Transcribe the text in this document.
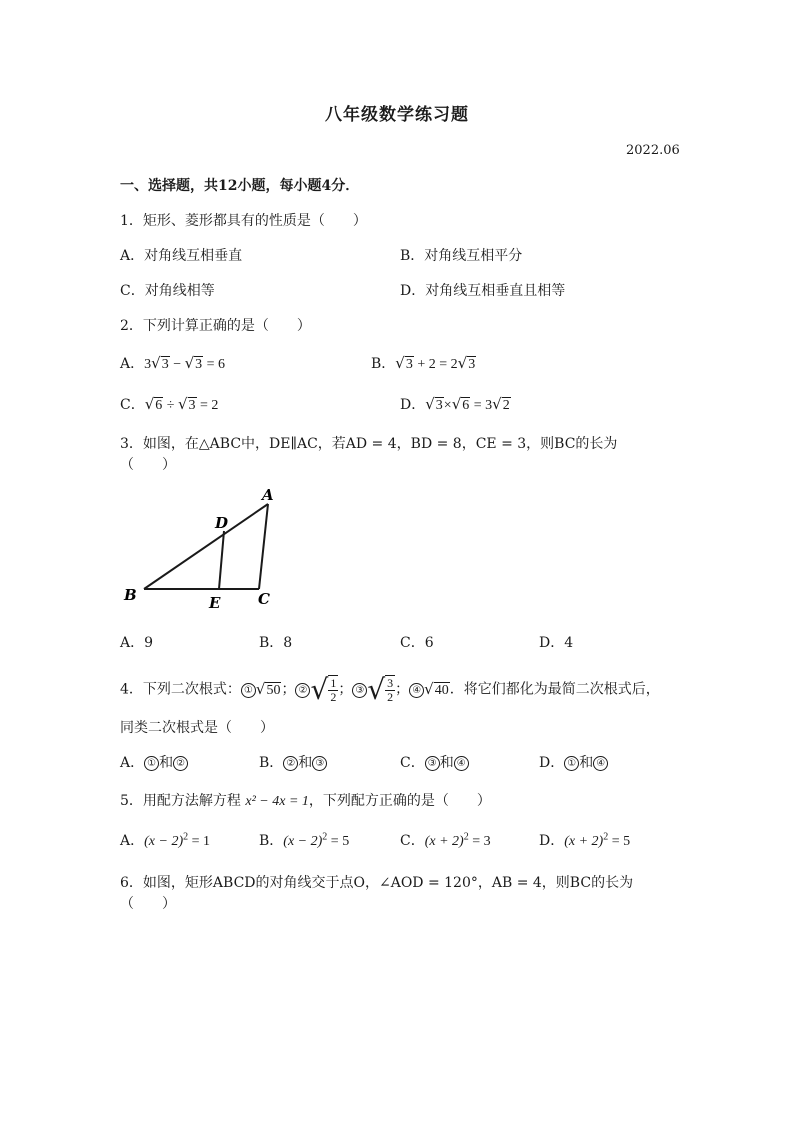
八年级数学练习题
2022.06
一、选择题，共12小题，每小题4分．
1．矩形、菱形都具有的性质是（　　）
A．对角线互相垂直	B．对角线互相平分
C．对角线相等	D．对角线互相垂直且相等
2．下列计算正确的是（　　）
A．3√3 − √3 = 6	B．√3 + 2 = 2√3
C．√6 ÷ √3 = 2	D．√3×√6 = 3√2
3．如图，在△ABC中，DE∥AC，若AD = 4，BD = 8，CE = 3，则BC的长为
（　　）
A
D
B	E	C
A．9	B．8	C．6	D．4
4．下列二次根式： ① √50； ② √ $\frac{1}{2}$ ； ③ √ $\frac{3}{2}$ ； ④ √40．将它们都化为最简二次根式后，
同类二次根式是（　　）
A． ① 和 ②	B． ② 和 ③	C． ③ 和 ④	D． ① 和 ④
5．用配方法解方程 x² − 4x = 1，下列配方正确的是（　　）
A．$(x - 2)^2 = 1$	B．$(x - 2)^2 = 5$	C．$(x + 2)^2 = 3$	D．$(x + 2)^2 = 5$
6．如图，矩形ABCD的对角线交于点O，∠AOD = 120°，AB = 4，则BC的长为
（　　）
